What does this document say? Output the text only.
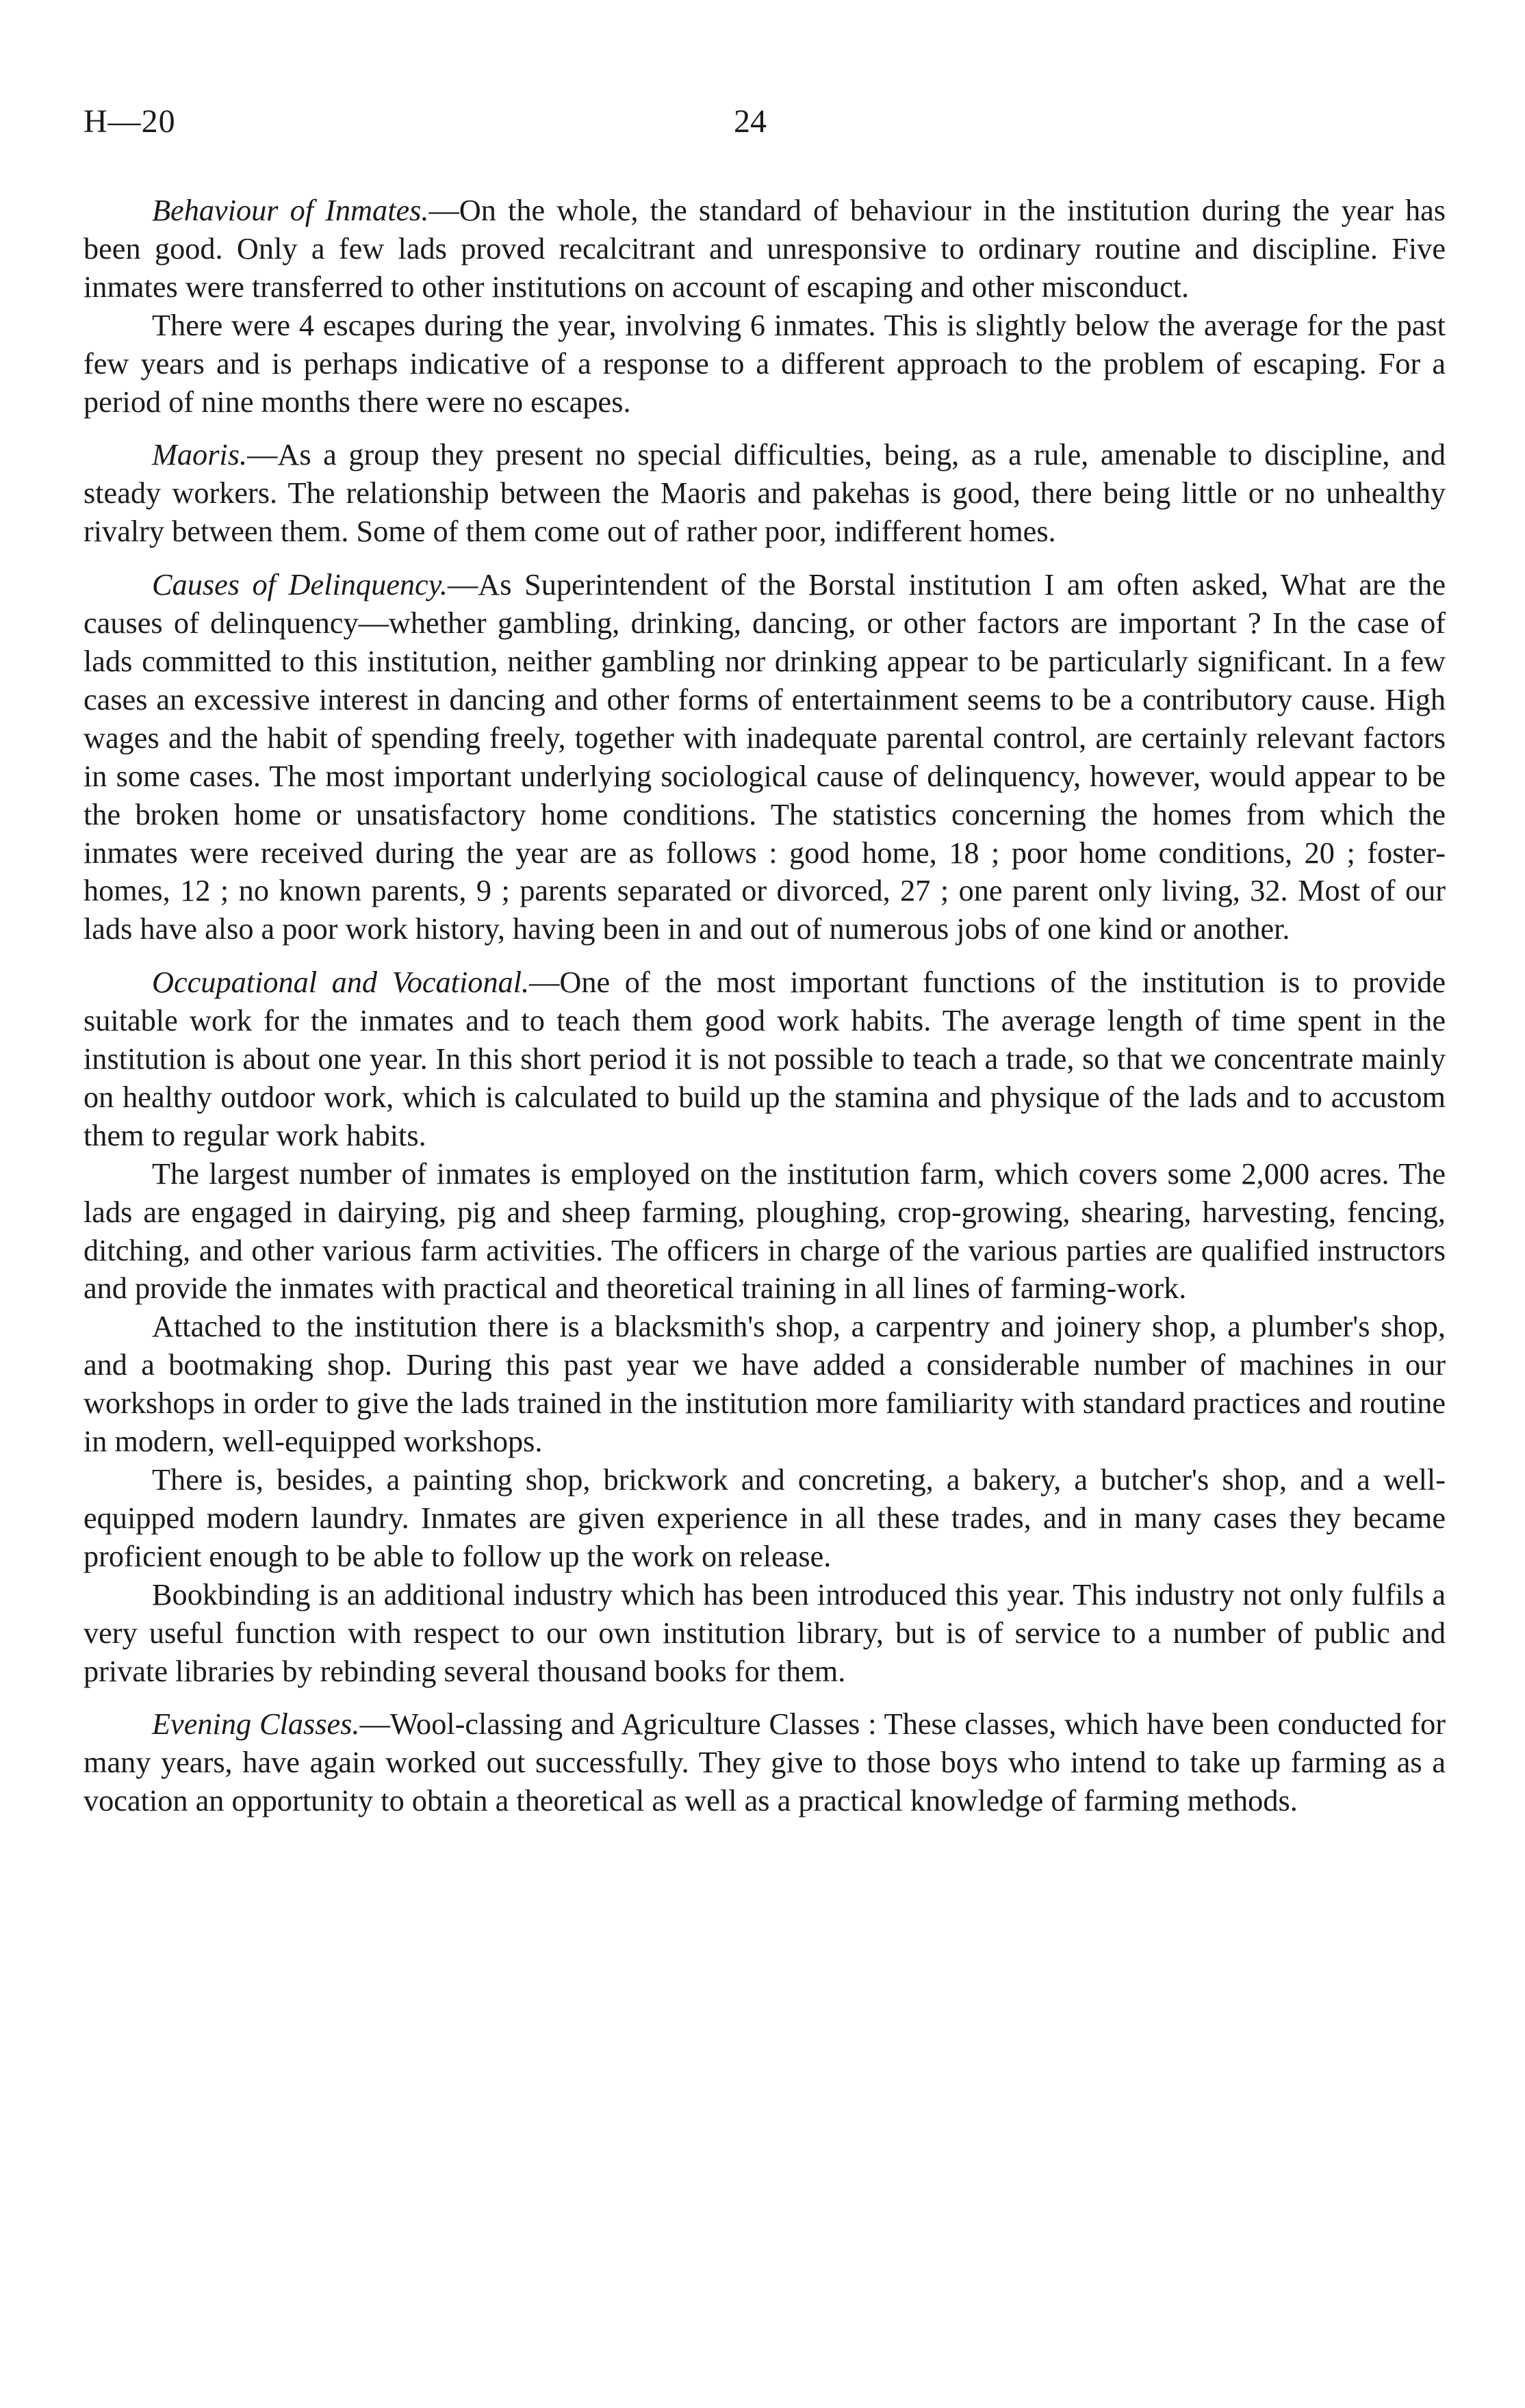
H—20	24

Behaviour of Inmates.—On the whole, the standard of behaviour in the institution during the year has been good. Only a few lads proved recalcitrant and unresponsive to ordinary routine and discipline. Five inmates were transferred to other institutions on account of escaping and other misconduct.

There were 4 escapes during the year, involving 6 inmates. This is slightly below the average for the past few years and is perhaps indicative of a response to a different approach to the problem of escaping. For a period of nine months there were no escapes.

Maoris.—As a group they present no special difficulties, being, as a rule, amenable to discipline, and steady workers. The relationship between the Maoris and pakehas is good, there being little or no unhealthy rivalry between them. Some of them come out of rather poor, indifferent homes.

Causes of Delinquency.—As Superintendent of the Borstal institution I am often asked, What are the causes of delinquency—whether gambling, drinking, dancing, or other factors are important ? In the case of lads committed to this institution, neither gambling nor drinking appear to be particularly significant. In a few cases an excessive interest in dancing and other forms of entertainment seems to be a contributory cause. High wages and the habit of spending freely, together with inadequate parental control, are certainly relevant factors in some cases. The most important underlying sociological cause of delinquency, however, would appear to be the broken home or unsatisfactory home conditions. The statistics concerning the homes from which the inmates were received during the year are as follows : good home, 18 ; poor home conditions, 20 ; foster-homes, 12 ; no known parents, 9 ; parents separated or divorced, 27 ; one parent only living, 32. Most of our lads have also a poor work history, having been in and out of numerous jobs of one kind or another.

Occupational and Vocational.—One of the most important functions of the institution is to provide suitable work for the inmates and to teach them good work habits. The average length of time spent in the institution is about one year. In this short period it is not possible to teach a trade, so that we concentrate mainly on healthy outdoor work, which is calculated to build up the stamina and physique of the lads and to accustom them to regular work habits.

The largest number of inmates is employed on the institution farm, which covers some 2,000 acres. The lads are engaged in dairying, pig and sheep farming, ploughing, crop-growing, shearing, harvesting, fencing, ditching, and other various farm activities. The officers in charge of the various parties are qualified instructors and provide the inmates with practical and theoretical training in all lines of farming-work.

Attached to the institution there is a blacksmith's shop, a carpentry and joinery shop, a plumber's shop, and a bootmaking shop. During this past year we have added a considerable number of machines in our workshops in order to give the lads trained in the institution more familiarity with standard practices and routine in modern, well-equipped workshops.

There is, besides, a painting shop, brickwork and concreting, a bakery, a butcher's shop, and a well-equipped modern laundry. Inmates are given experience in all these trades, and in many cases they became proficient enough to be able to follow up the work on release.

Bookbinding is an additional industry which has been introduced this year. This industry not only fulfils a very useful function with respect to our own institution library, but is of service to a number of public and private libraries by rebinding several thousand books for them.

Evening Classes.—Wool-classing and Agriculture Classes : These classes, which have been conducted for many years, have again worked out successfully. They give to those boys who intend to take up farming as a vocation an opportunity to obtain a theoretical as well as a practical knowledge of farming methods.
